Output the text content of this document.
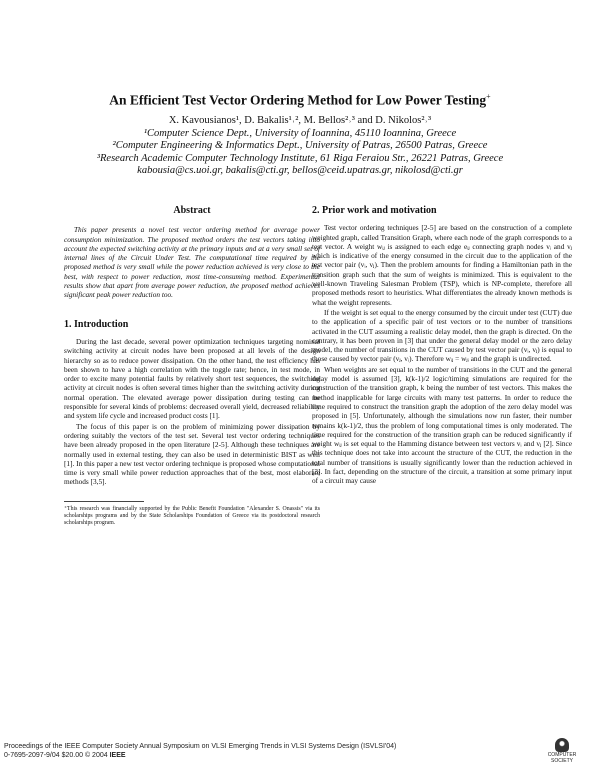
An Efficient Test Vector Ordering Method for Low Power Testing+
X. Kavousianos¹, D. Bakalis¹˒², M. Bellos²˒³ and D. Nikolos²˒³
¹Computer Science Dept., University of Ioannina, 45110 Ioannina, Greece
²Computer Engineering & Informatics Dept., University of Patras, 26500 Patras, Greece
³Research Academic Computer Technology Institute, 61 Riga Feraiou Str., 26221 Patras, Greece
kabousia@cs.uoi.gr, bakalis@cti.gr, bellos@ceid.upatras.gr, nikolosd@cti.gr
Abstract
This paper presents a novel test vector ordering method for average power consumption minimization. The proposed method orders the test vectors taking into account the expected switching activity at the primary inputs and at a very small set of internal lines of the Circuit Under Test. The computational time required by the proposed method is very small while the power reduction achieved is very close to the best, with respect to power reduction, most time-consuming method. Experimental results show that apart from average power reduction, the proposed method achieves significant peak power reduction too.
1. Introduction

During the last decade, several power optimization techniques targeting nominal switching activity at circuit nodes have been proposed at all levels of the design hierarchy so as to reduce power dissipation. On the other hand, the test efficiency has been shown to have a high correlation with the toggle rate; hence, in test mode, in order to excite many potential faults by relatively short test sequences, the switching activity at circuit nodes is often several times higher than the switching activity during normal operation. The elevated average power dissipation during testing can be responsible for several kinds of problems: decreased overall yield, decreased reliability and system life cycle and increased product costs [1].

The focus of this paper is on the problem of minimizing power dissipation by ordering suitably the vectors of the test set. Several test vector ordering techniques have been already proposed in the open literature [2-5]. Although these techniques are normally used in external testing, they can also be used in deterministic BIST as well [1]. In this paper a new test vector ordering technique is proposed whose computational time is very small while power reduction approaches that of the best, most elaborate methods [3,5].

⁺This research was financially supported by the Public Benefit Foundation "Alexander S. Onassis" via its scholarships programs and by the State Scholarships Foundation of Greece via its postdoctoral research scholarships program.
2. Prior work and motivation

Test vector ordering techniques [2-5] are based on the construction of a complete weighted graph, called Transition Graph, where each node of the graph corresponds to a test vector. A weight wᵢⱼ is assigned to each edge eᵢⱼ connecting graph nodes vᵢ and vⱼ which is indicative of the energy consumed in the circuit due to the application of the test vector pair (vᵢ, vⱼ). Then the problem amounts for finding a Hamiltonian path in the transition graph such that the sum of weights is minimized. This is equivalent to the well-known Traveling Salesman Problem (TSP), which is NP-complete, therefore all proposed methods resort to heuristics. What differentiates the already known methods is what the weight represents.

If the weight is set equal to the energy consumed by the circuit under test (CUT) due to the application of a specific pair of test vectors or to the number of transitions activated in the CUT assuming a realistic delay model, then the graph is directed. On the contrary, it has been proven in [3] that under the general delay model or the zero delay model, the number of transitions in the CUT caused by test vector pair (vᵢ, vⱼ) is equal to those caused by vector pair (vⱼ, vᵢ). Therefore wᵢⱼ = wⱼᵢ and the graph is undirected.

When weights are set equal to the number of transitions in the CUT and the general delay model is assumed [3], k(k-1)/2 logic/timing simulations are required for the construction of the transition graph, k being the number of test vectors. This makes the method inapplicable for large circuits with many test patterns. In order to reduce the time required to construct the transition graph the adoption of the zero delay model was proposed in [5]. Unfortunately, although the simulations now run faster, their number remains k(k-1)/2, thus the problem of long computational times is only moderated. The time required for the construction of the transition graph can be reduced significantly if weight wᵢⱼ is set equal to the Hamming distance between test vectors vᵢ and vⱼ [2]. Since this technique does not take into account the structure of the CUT, the reduction in the total number of transitions is usually significantly lower than the reduction achieved in [3]. In fact, depending on the structure of the circuit, a transition at some primary input of a circuit may cause

Proceedings of the IEEE Computer Society Annual Symposium on VLSI Emerging Trends in VLSI Systems Design (ISVLSI'04)
0-7695-2097-9/04 $20.00 © 2004 IEEE	COMPUTER
SOCIETY
